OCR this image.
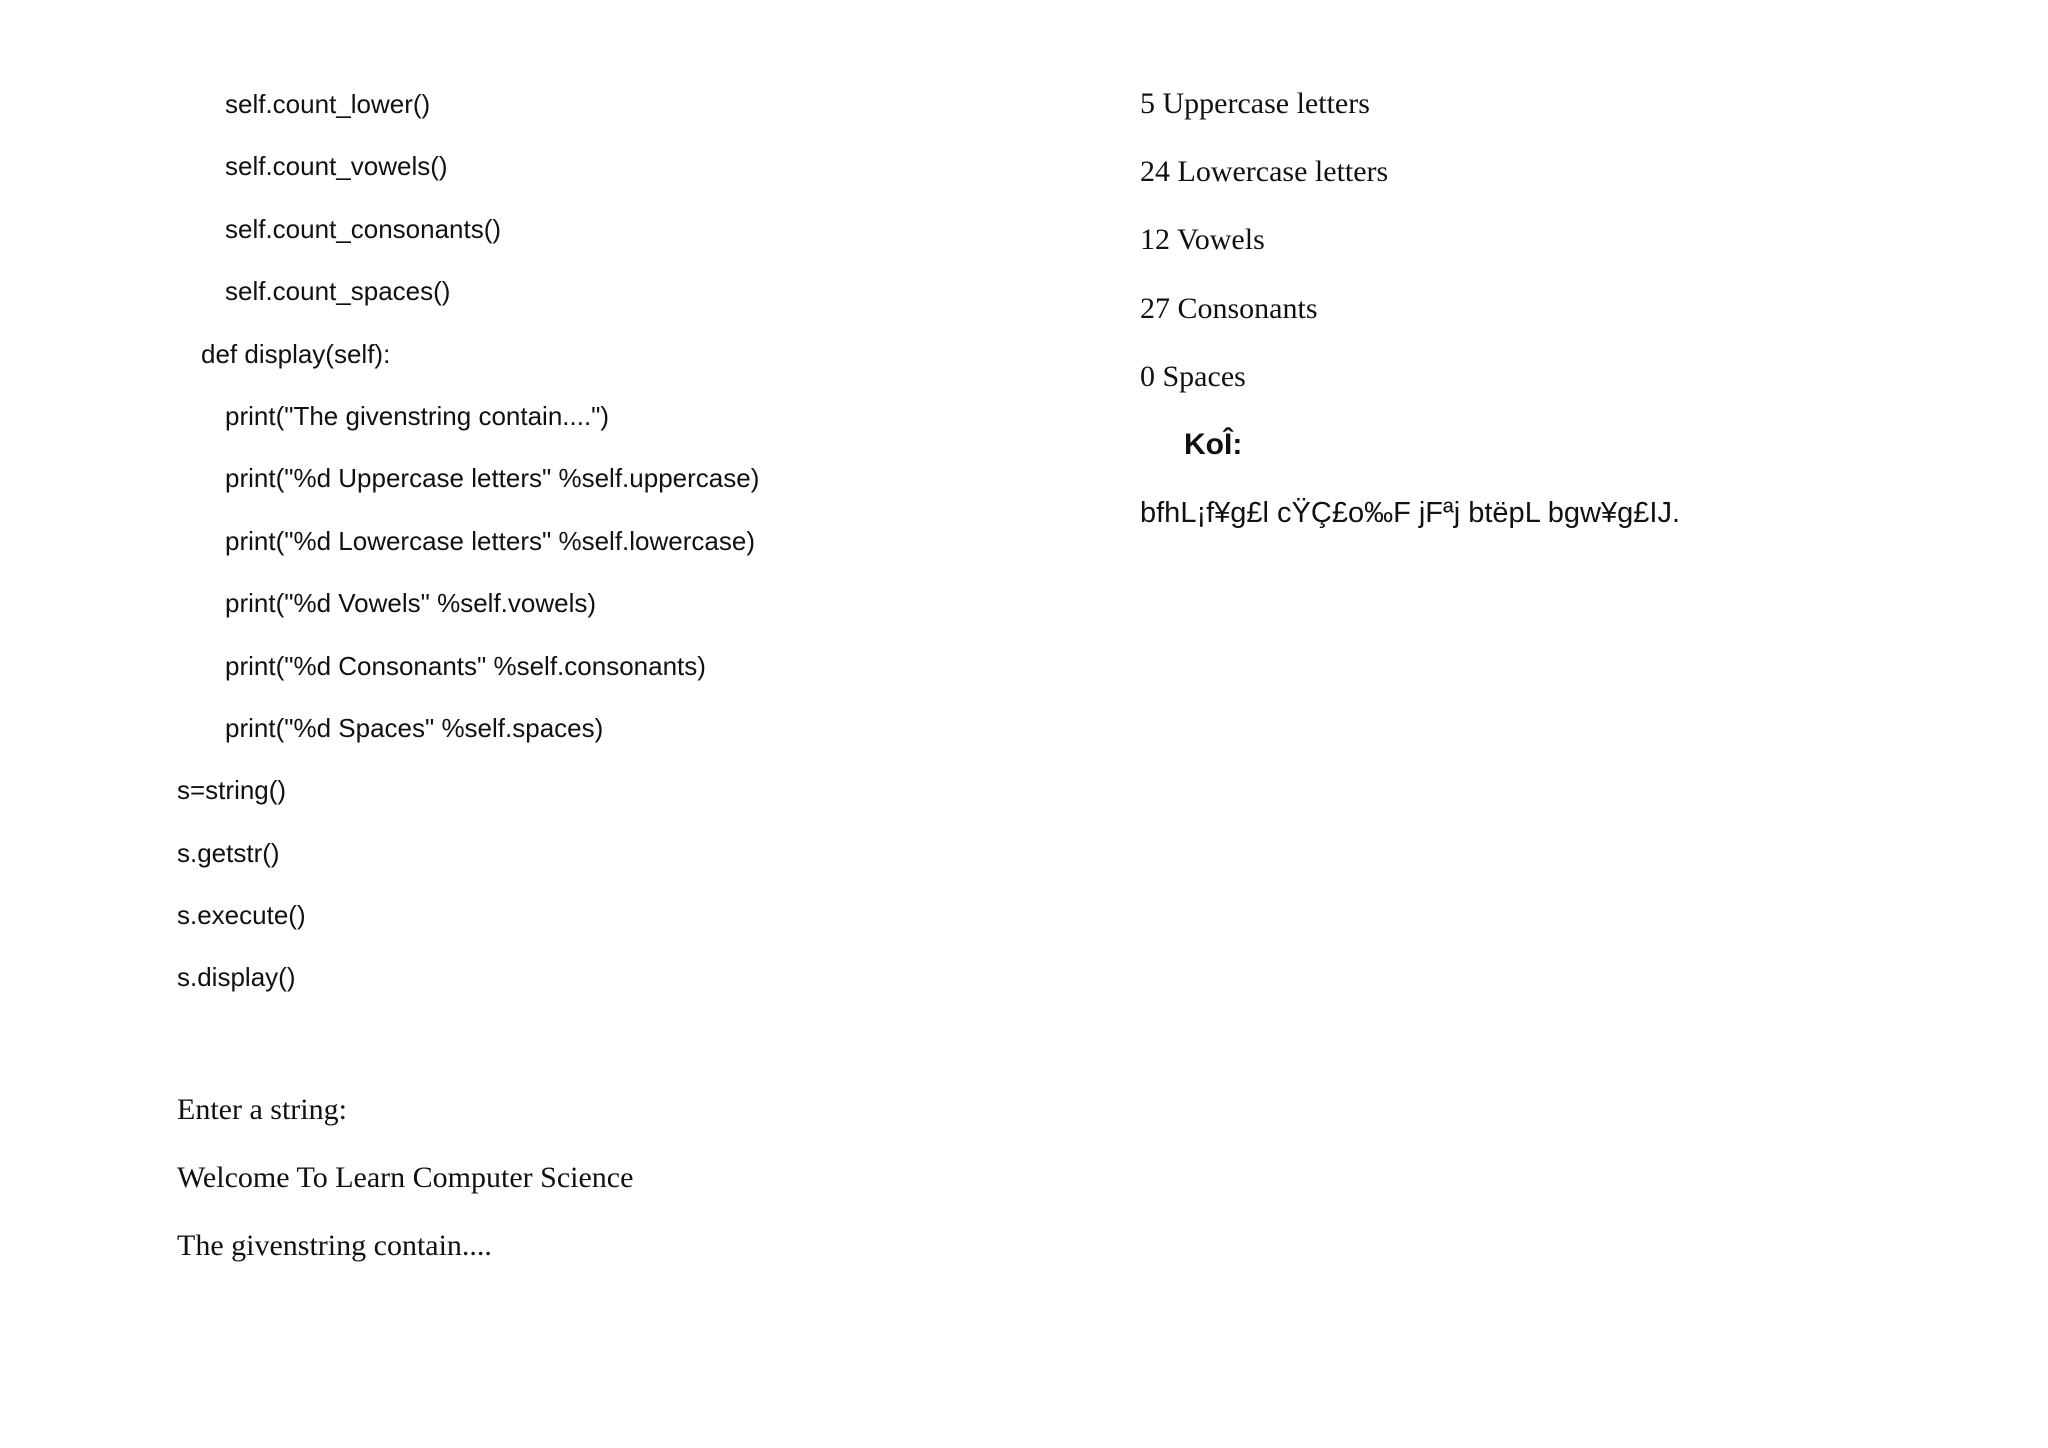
self.count_lower()
self.count_vowels()
self.count_consonants()
self.count_spaces()
def display(self):
print("The givenstring contain....")
print("%d Uppercase letters" %self.uppercase)
print("%d Lowercase letters" %self.lowercase)
print("%d Vowels" %self.vowels)
print("%d Consonants" %self.consonants)
print("%d Spaces" %self.spaces)
s=string()
s.getstr()
s.execute()
s.display()
Enter a string:
Welcome To Learn Computer Science
The givenstring contain....
5 Uppercase letters
24 Lowercase letters
12 Vowels
27 Consonants
0 Spaces
KoÎ:
bfhL¡f¥g£l cŸÇ£o‰F jFªj btëpL bgw¥g£IJ.
